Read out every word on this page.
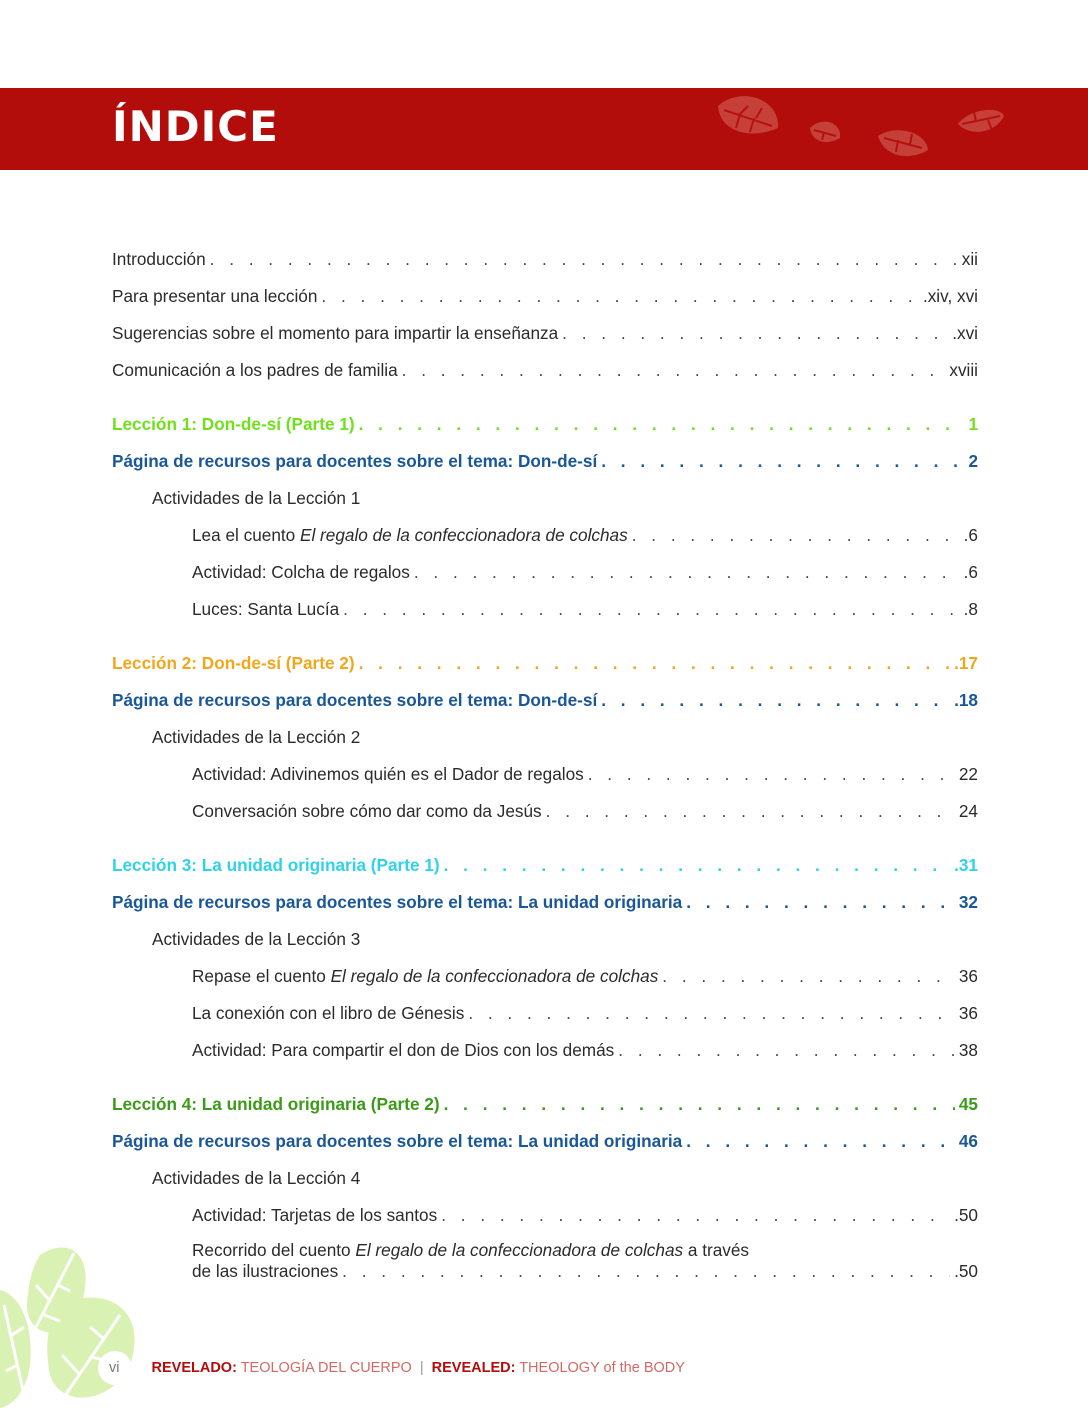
ÍNDICE
Introducción . . .	xii
Para presentar una lección . . .	.xiv, xvi
Sugerencias sobre el momento para impartir la enseñanza . . .	.xvi
Comunicación a los padres de familia . . .	xviii
Lección 1: Don-de-sí (Parte 1) . . .	1
Página de recursos para docentes sobre el tema: Don-de-sí . . .	2
Actividades de la Lección 1
Lea el cuento El regalo de la confeccionadora de colchas . . .	.6
Actividad: Colcha de regalos . . .	.6
Luces: Santa Lucía . . .	.8
Lección 2: Don-de-sí (Parte 2) . . .	.17
Página de recursos para docentes sobre el tema: Don-de-sí . . .	.18
Actividades de la Lección 2
Actividad: Adivinemos quién es el Dador de regalos . . .	22
Conversación sobre cómo dar como da Jesús . . .	24
Lección 3: La unidad originaria (Parte 1) . . .	.31
Página de recursos para docentes sobre el tema: La unidad originaria . . .	32
Actividades de la Lección 3
Repase el cuento El regalo de la confeccionadora de colchas . . .	36
La conexión con el libro de Génesis . . .	36
Actividad: Para compartir el don de Dios con los demás . . .	38
Lección 4: La unidad originaria (Parte 2) . . .	45
Página de recursos para docentes sobre el tema: La unidad originaria . . .	46
Actividades de la Lección 4
Actividad: Tarjetas de los santos . . .	.50
Recorrido del cuento El regalo de la confeccionadora de colchas a través
de las ilustraciones . . .	.50
vi REVELADO: TEOLOGÍA DEL CUERPO | REVEALED: THEOLOGY of the BODY
